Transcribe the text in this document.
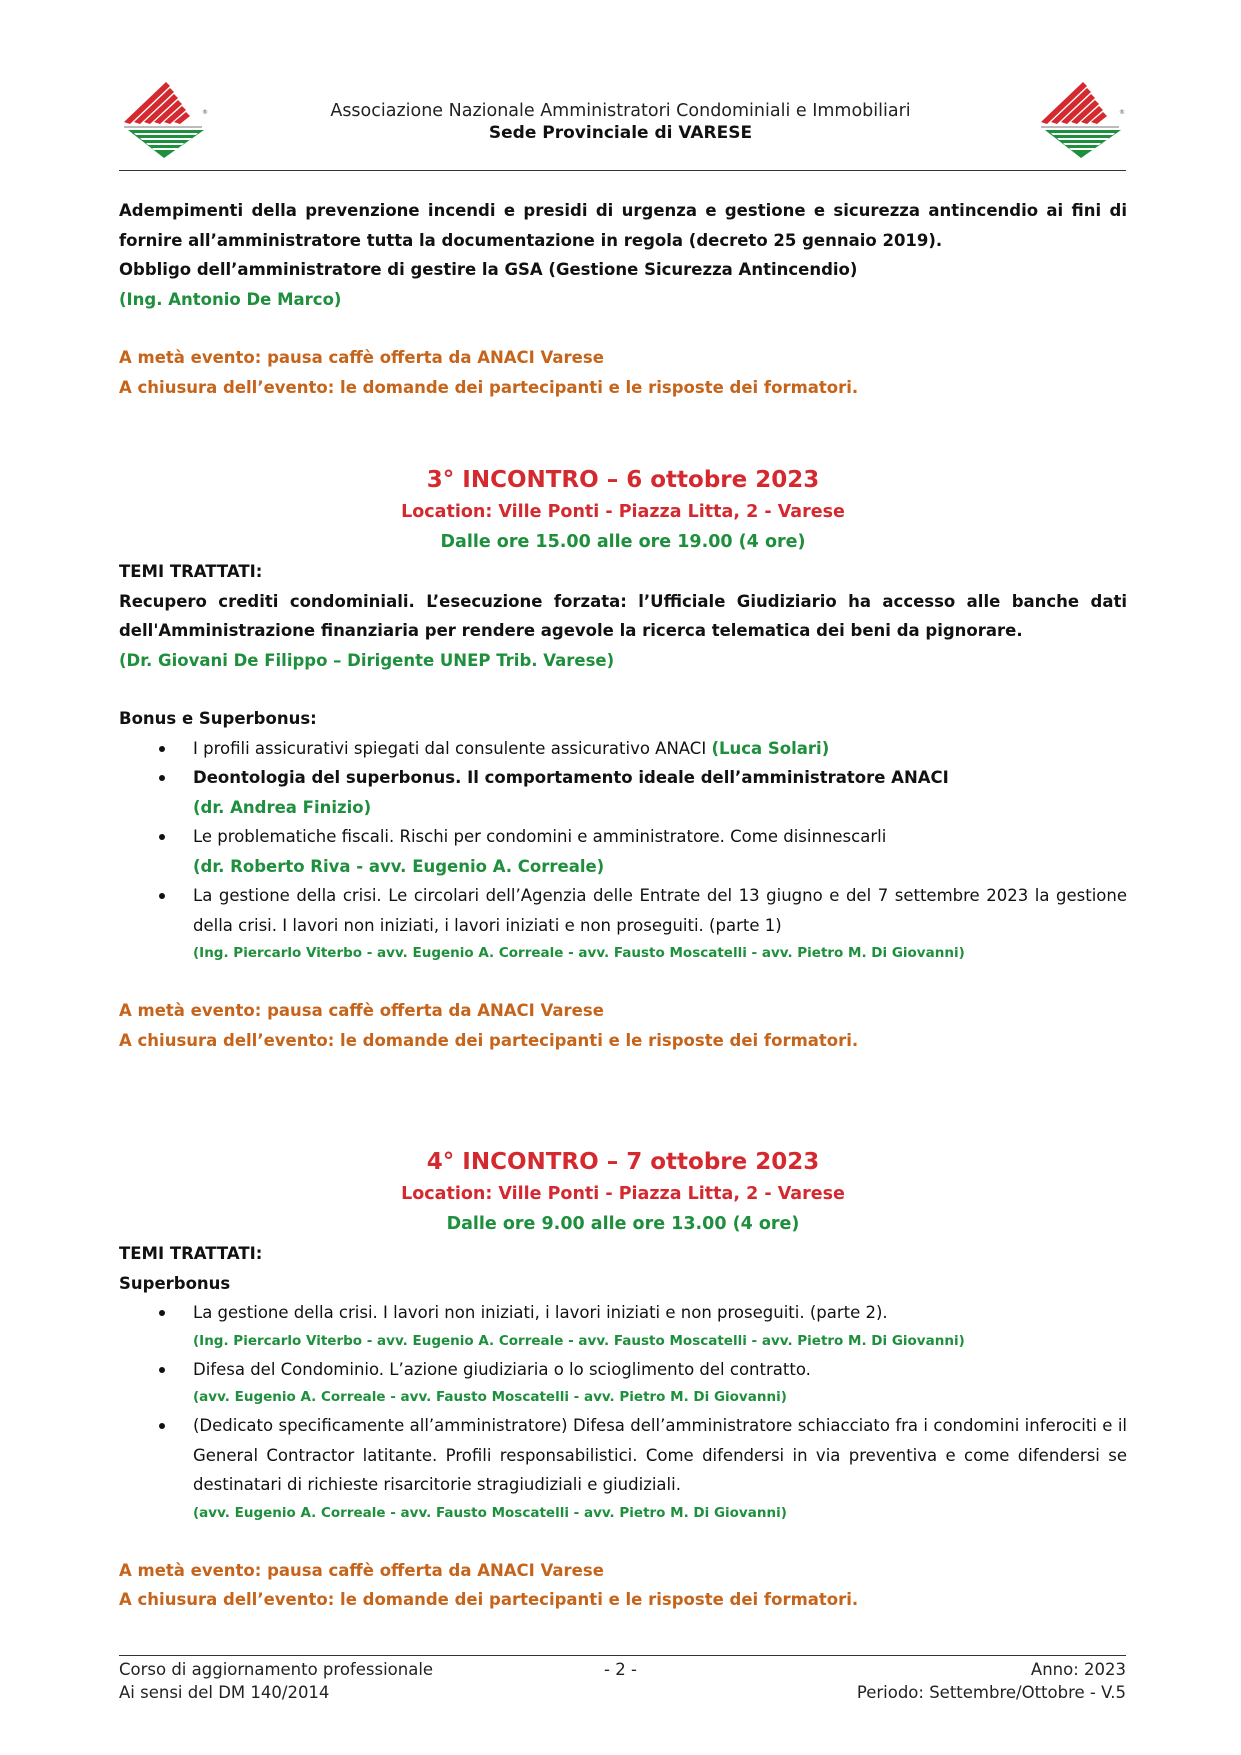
®	®
Associazione Nazionale Amministratori Condominiali e Immobiliari
Sede Provinciale di VARESE

Adempimenti della prevenzione incendi e presidi di urgenza e gestione e sicurezza antincendio ai fini di fornire all’amministratore tutta la documentazione in regola (decreto 25 gennaio 2019).

Obbligo dell’amministratore di gestire la GSA (Gestione Sicurezza Antincendio)

(Ing. Antonio De Marco)

A metà evento: pausa caffè offerta da ANACI Varese

A chiusura dell’evento: le domande dei partecipanti e le risposte dei formatori.

3° INCONTRO – 6 ottobre 2023

Location: Ville Ponti - Piazza Litta, 2 - Varese

Dalle ore 15.00 alle ore 19.00 (4 ore)

TEMI TRATTATI:

Recupero crediti condominiali. L’esecuzione forzata: l’Ufficiale Giudiziario ha accesso alle banche dati dell'Amministrazione finanziaria per rendere agevole la ricerca telematica dei beni da pignorare.

(Dr. Giovani De Filippo – Dirigente UNEP Trib. Varese)

Bonus e Superbonus:

I profili assicurativi spiegati dal consulente assicurativo ANACI (Luca Solari)
Deontologia del superbonus. Il comportamento ideale dell’amministratore ANACI
(dr. Andrea Finizio)
Le problematiche fiscali. Rischi per condomini e amministratore. Come disinnescarli
(dr. Roberto Riva - avv. Eugenio A. Correale)
La gestione della crisi. Le circolari dell’Agenzia delle Entrate del 13 giugno e del 7 settembre 2023 la gestione della crisi. I lavori non iniziati, i lavori iniziati e non proseguiti. (parte 1)
(Ing. Piercarlo Viterbo - avv. Eugenio A. Correale - avv. Fausto Moscatelli - avv. Pietro M. Di Giovanni)

A metà evento: pausa caffè offerta da ANACI Varese

A chiusura dell’evento: le domande dei partecipanti e le risposte dei formatori.

4° INCONTRO – 7 ottobre 2023

Location: Ville Ponti - Piazza Litta, 2 - Varese

Dalle ore 9.00 alle ore 13.00 (4 ore)

TEMI TRATTATI:

Superbonus

La gestione della crisi. I lavori non iniziati, i lavori iniziati e non proseguiti. (parte 2).
(Ing. Piercarlo Viterbo - avv. Eugenio A. Correale - avv. Fausto Moscatelli - avv. Pietro M. Di Giovanni)
Difesa del Condominio. L’azione giudiziaria o lo scioglimento del contratto.
(avv. Eugenio A. Correale - avv. Fausto Moscatelli - avv. Pietro M. Di Giovanni)
(Dedicato specificamente all’amministratore) Difesa dell’amministratore schiacciato fra i condomini inferociti e il General Contractor latitante. Profili responsabilistici. Come difendersi in via preventiva e come difendersi se destinatari di richieste risarcitorie stragiudiziali e giudiziali.
(avv. Eugenio A. Correale - avv. Fausto Moscatelli - avv. Pietro M. Di Giovanni)

A metà evento: pausa caffè offerta da ANACI Varese

A chiusura dell’evento: le domande dei partecipanti e le risposte dei formatori.

Corso di aggiornamento professionale
Ai sensi del DM 140/2014
- 2 -	Anno: 2023
Periodo: Settembre/Ottobre - V.5
